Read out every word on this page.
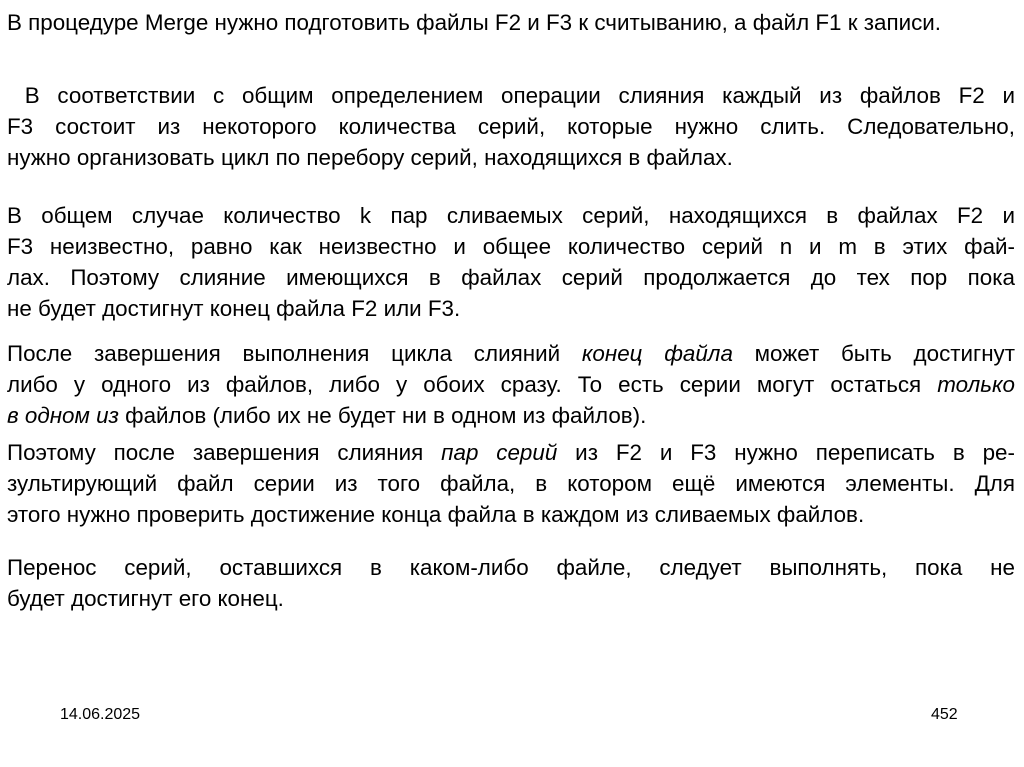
В процедуре Merge нужно подготовить файлы F2 и F3 к считыванию, а файл F1 к записи.
В соответствии с общим определением операции слияния каждый из файлов F2 и F3 состоит из некоторого количества серий, которые нужно слить. Следовательно, нужно организовать цикл по перебору серий, находящихся в файлах.
В общем случае количество k пар сливаемых серий, находящихся в файлах F2 и F3 неизвестно, равно как неизвестно и общее количество серий n и m в этих фай- лах. Поэтому слияние имеющихся в файлах серий продолжается до тех пор пока не будет достигнут конец файла F2 или F3.
После завершения выполнения цикла слияний конец файла может быть достигнут либо у одного из файлов, либо у обоих сразу. То есть серии могут остаться только в одном из файлов (либо их не будет ни в одном из файлов).
Поэтому после завершения слияния пар серий из F2 и F3 нужно переписать в ре- зультирующий файл серии из того файла, в котором ещё имеются элементы. Для этого нужно проверить достижение конца файла в каждом из сливаемых файлов.
Перенос серий, оставшихся в каком-либо файле, следует выполнять, пока не будет достигнут его конец.
14.06.2025	452
